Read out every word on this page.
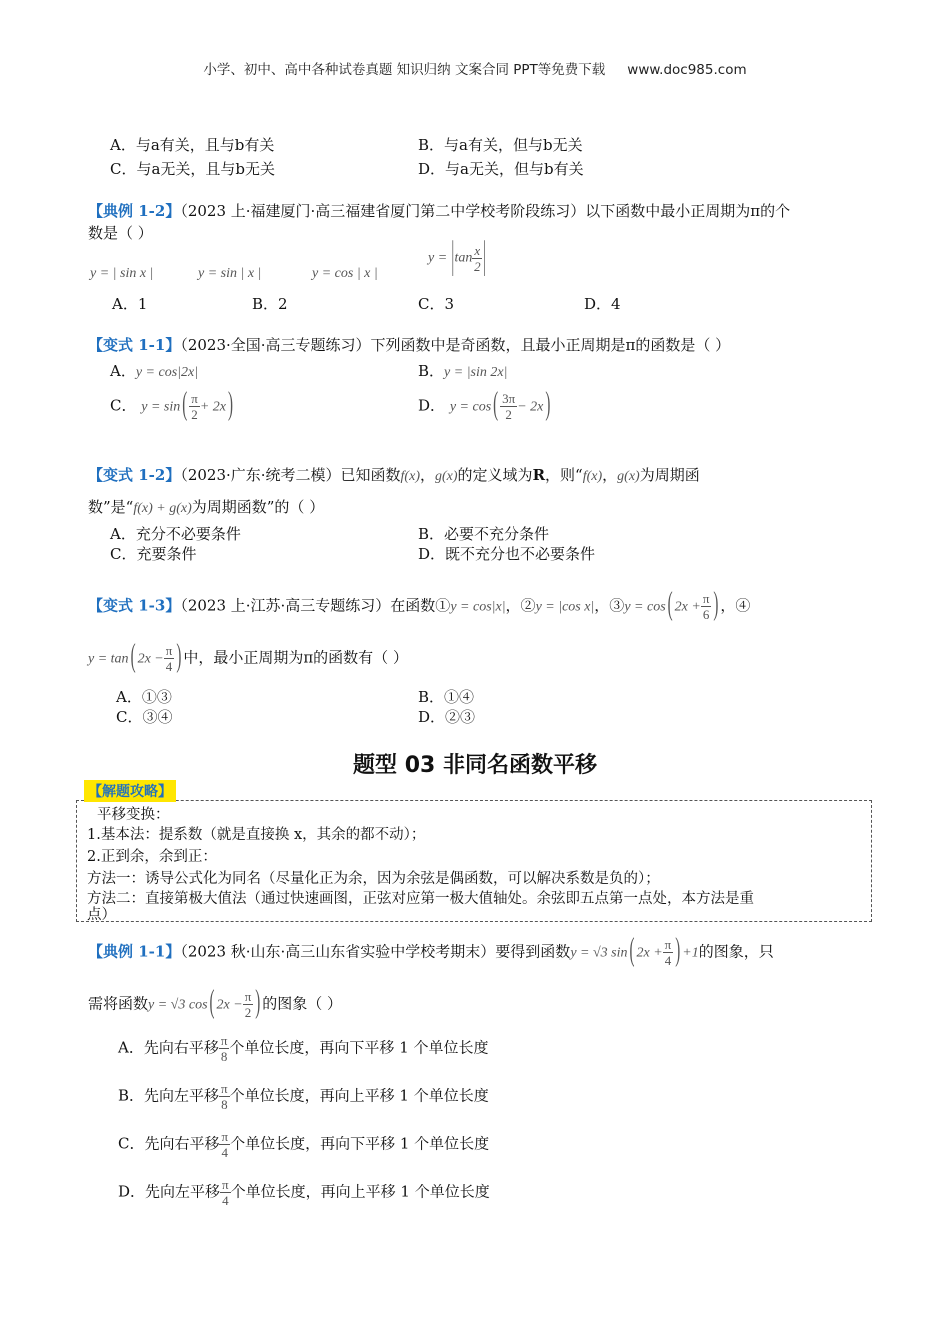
小学、初中、高中各种试卷真题 知识归纳 文案合同 PPT等免费下载 www.doc985.com
A．与a有关，且与b有关	B．与a有关，但与b无关
C．与a无关，且与b无关	D．与a无关，但与b有关
【典例 1-2】（2023 上·福建厦门·高三福建省厦门第二中学校考阶段练习）以下函数中最小正周期为π的个
数是（ ）
y = | sin x |	y = sin | x |	y = cos | x |
$y = |\tan \frac{x}{2}$ |
A．1	B．2	C．3	D．4
【变式 1-1】（2023·全国·高三专题练习）下列函数中是奇函数，且最小正周期是π的函数是（ ）
A．y = cos|2x|	B．y = |sin 2x|
C． y = sin ( $\frac{\pi}{2} + 2x$ )	D． y = cos ( $\frac{3\pi}{2} - 2x$ )
【变式 1-2】（2023·广东·统考二模）已知函数f(x)，g(x)的定义域为R，则“f(x)，g(x)为周期函
数”是“f(x) + g(x)为周期函数”的（ ）
A．充分不必要条件	B．必要不充分条件
C．充要条件	D．既不充分也不必要条件
【变式 1-3】（2023 上·江苏·高三专题练习）在函数①y = cos|x|，②y = |cos x|，③y = cos ( $2x + \frac{\pi}{6}$ ) ，④
y = tan ( $2x - \frac{\pi}{4}$ ) 中，最小正周期为π的函数有（ ）
A．①③	B．①④
C．③④	D．②③
题型 03 非同名函数平移
平移变换：
1.基本法：提系数（就是直接换 x，其余的都不动）；
2.正到余，余到正：
方法一：诱导公式化为同名（尽量化正为余，因为余弦是偶函数，可以解决系数是负的）；
方法二：直接第极大值法（通过快速画图，正弦对应第一极大值轴处。余弦即五点第一点处，本方法是重
点）
【解题攻略】
【典例 1-1】（2023 秋·山东·高三山东省实验中学校考期末）要得到函数y = √3 sin ( $2x + \frac{\pi}{4}$ ) +1的图象，只
需将函数y = √3 cos ( $2x - \frac{\pi}{2}$ ) 的图象（ ）
A．先向右平移 $\frac{\pi}{8}$ 个单位长度，再向下平移 1 个单位长度
B．先向左平移 $\frac{\pi}{8}$ 个单位长度，再向上平移 1 个单位长度
C．先向右平移 $\frac{\pi}{4}$ 个单位长度，再向下平移 1 个单位长度
D．先向左平移 $\frac{\pi}{4}$ 个单位长度，再向上平移 1 个单位长度
